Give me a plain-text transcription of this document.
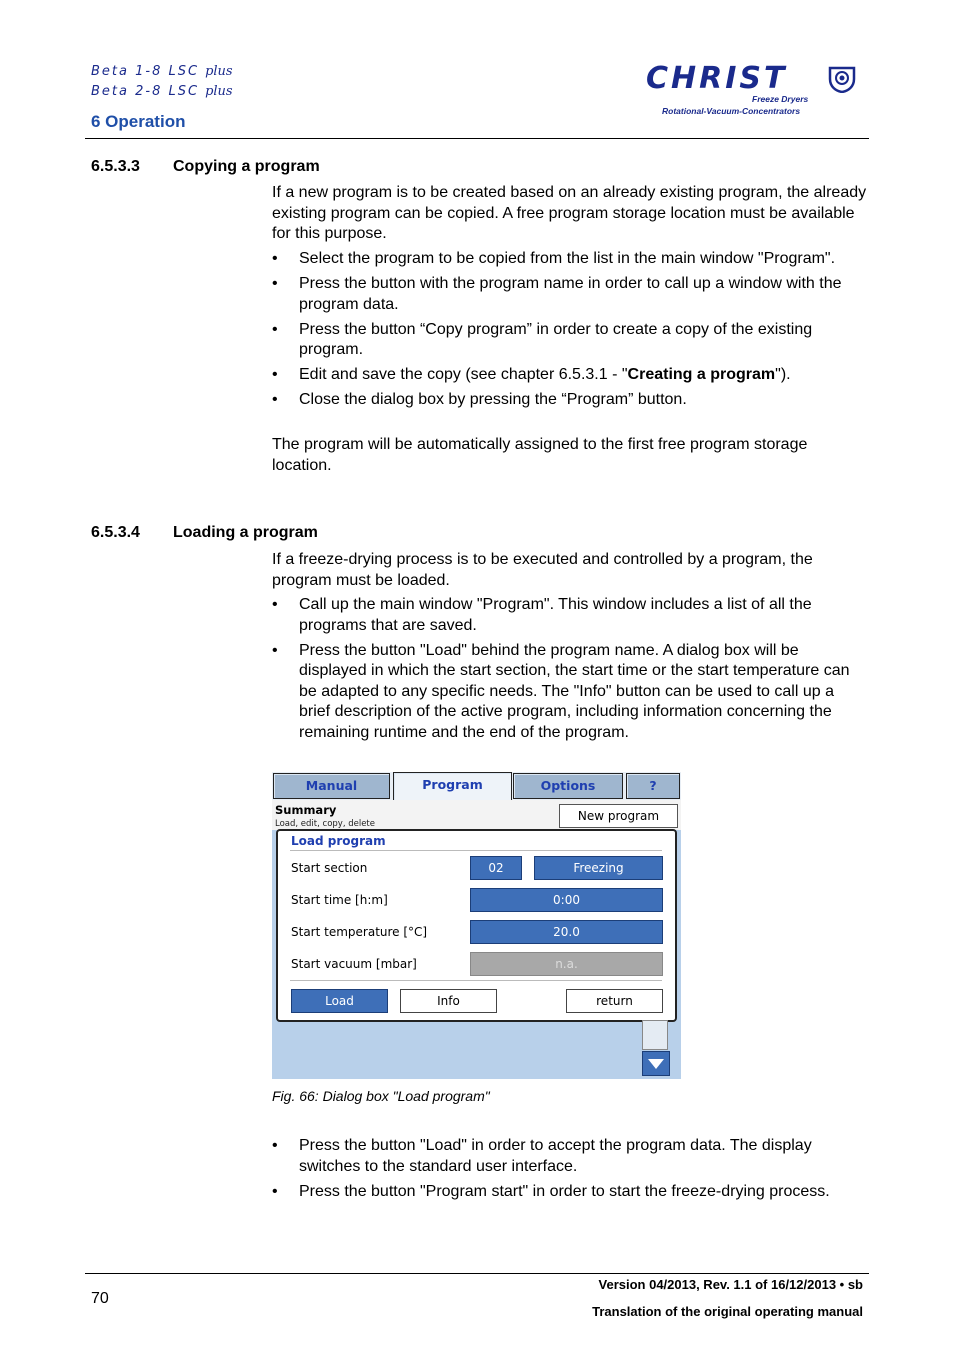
Beta 1-8 LSC plus
Beta 2-8 LSC plus
6 Operation
CHRIST
Freeze Dryers
Rotational-Vacuum-Concentrators
6.5.3.3 Copying a program
If a new program is to be created based on an already existing program, the already existing program can be copied. A free program storage location must be available for this purpose.
• Select the program to be copied from the list in the main window "Program".
• Press the button with the program name in order to call up a window with the program data.
• Press the button “Copy program” in order to create a copy of the existing program.
• Edit and save the copy (see chapter 6.5.3.1 - "Creating a program").
• Close the dialog box by pressing the “Program” button.
The program will be automatically assigned to the first free program storage location.
6.5.3.4 Loading a program
If a freeze-drying process is to be executed and controlled by a program, the program must be loaded.
• Call up the main window "Program". This window includes a list of all the programs that are saved.
• Press the button "Load" behind the program name. A dialog box will be displayed in which the start section, the start time or the start temperature can be adapted to any specific needs. The "Info" button can be used to call up a brief description of the active program, including information concerning the remaining runtime and the end of the program.
Manual	Program	Options	?
Summary
Load, edit, copy, delete
New program
Load program
Start section	02	Freezing
Start time [h:m]	0:00
Start temperature [°C]	20.0
Start vacuum [mbar]	n.a.
Load	Info	return
Fig. 66: Dialog box "Load program"
• Press the button "Load" in order to accept the program data. The display switches to the standard user interface.
• Press the button "Program start" in order to start the freeze-drying process.
70
Version 04/2013, Rev. 1.1 of 16/12/2013 • sb
Translation of the original operating manual
